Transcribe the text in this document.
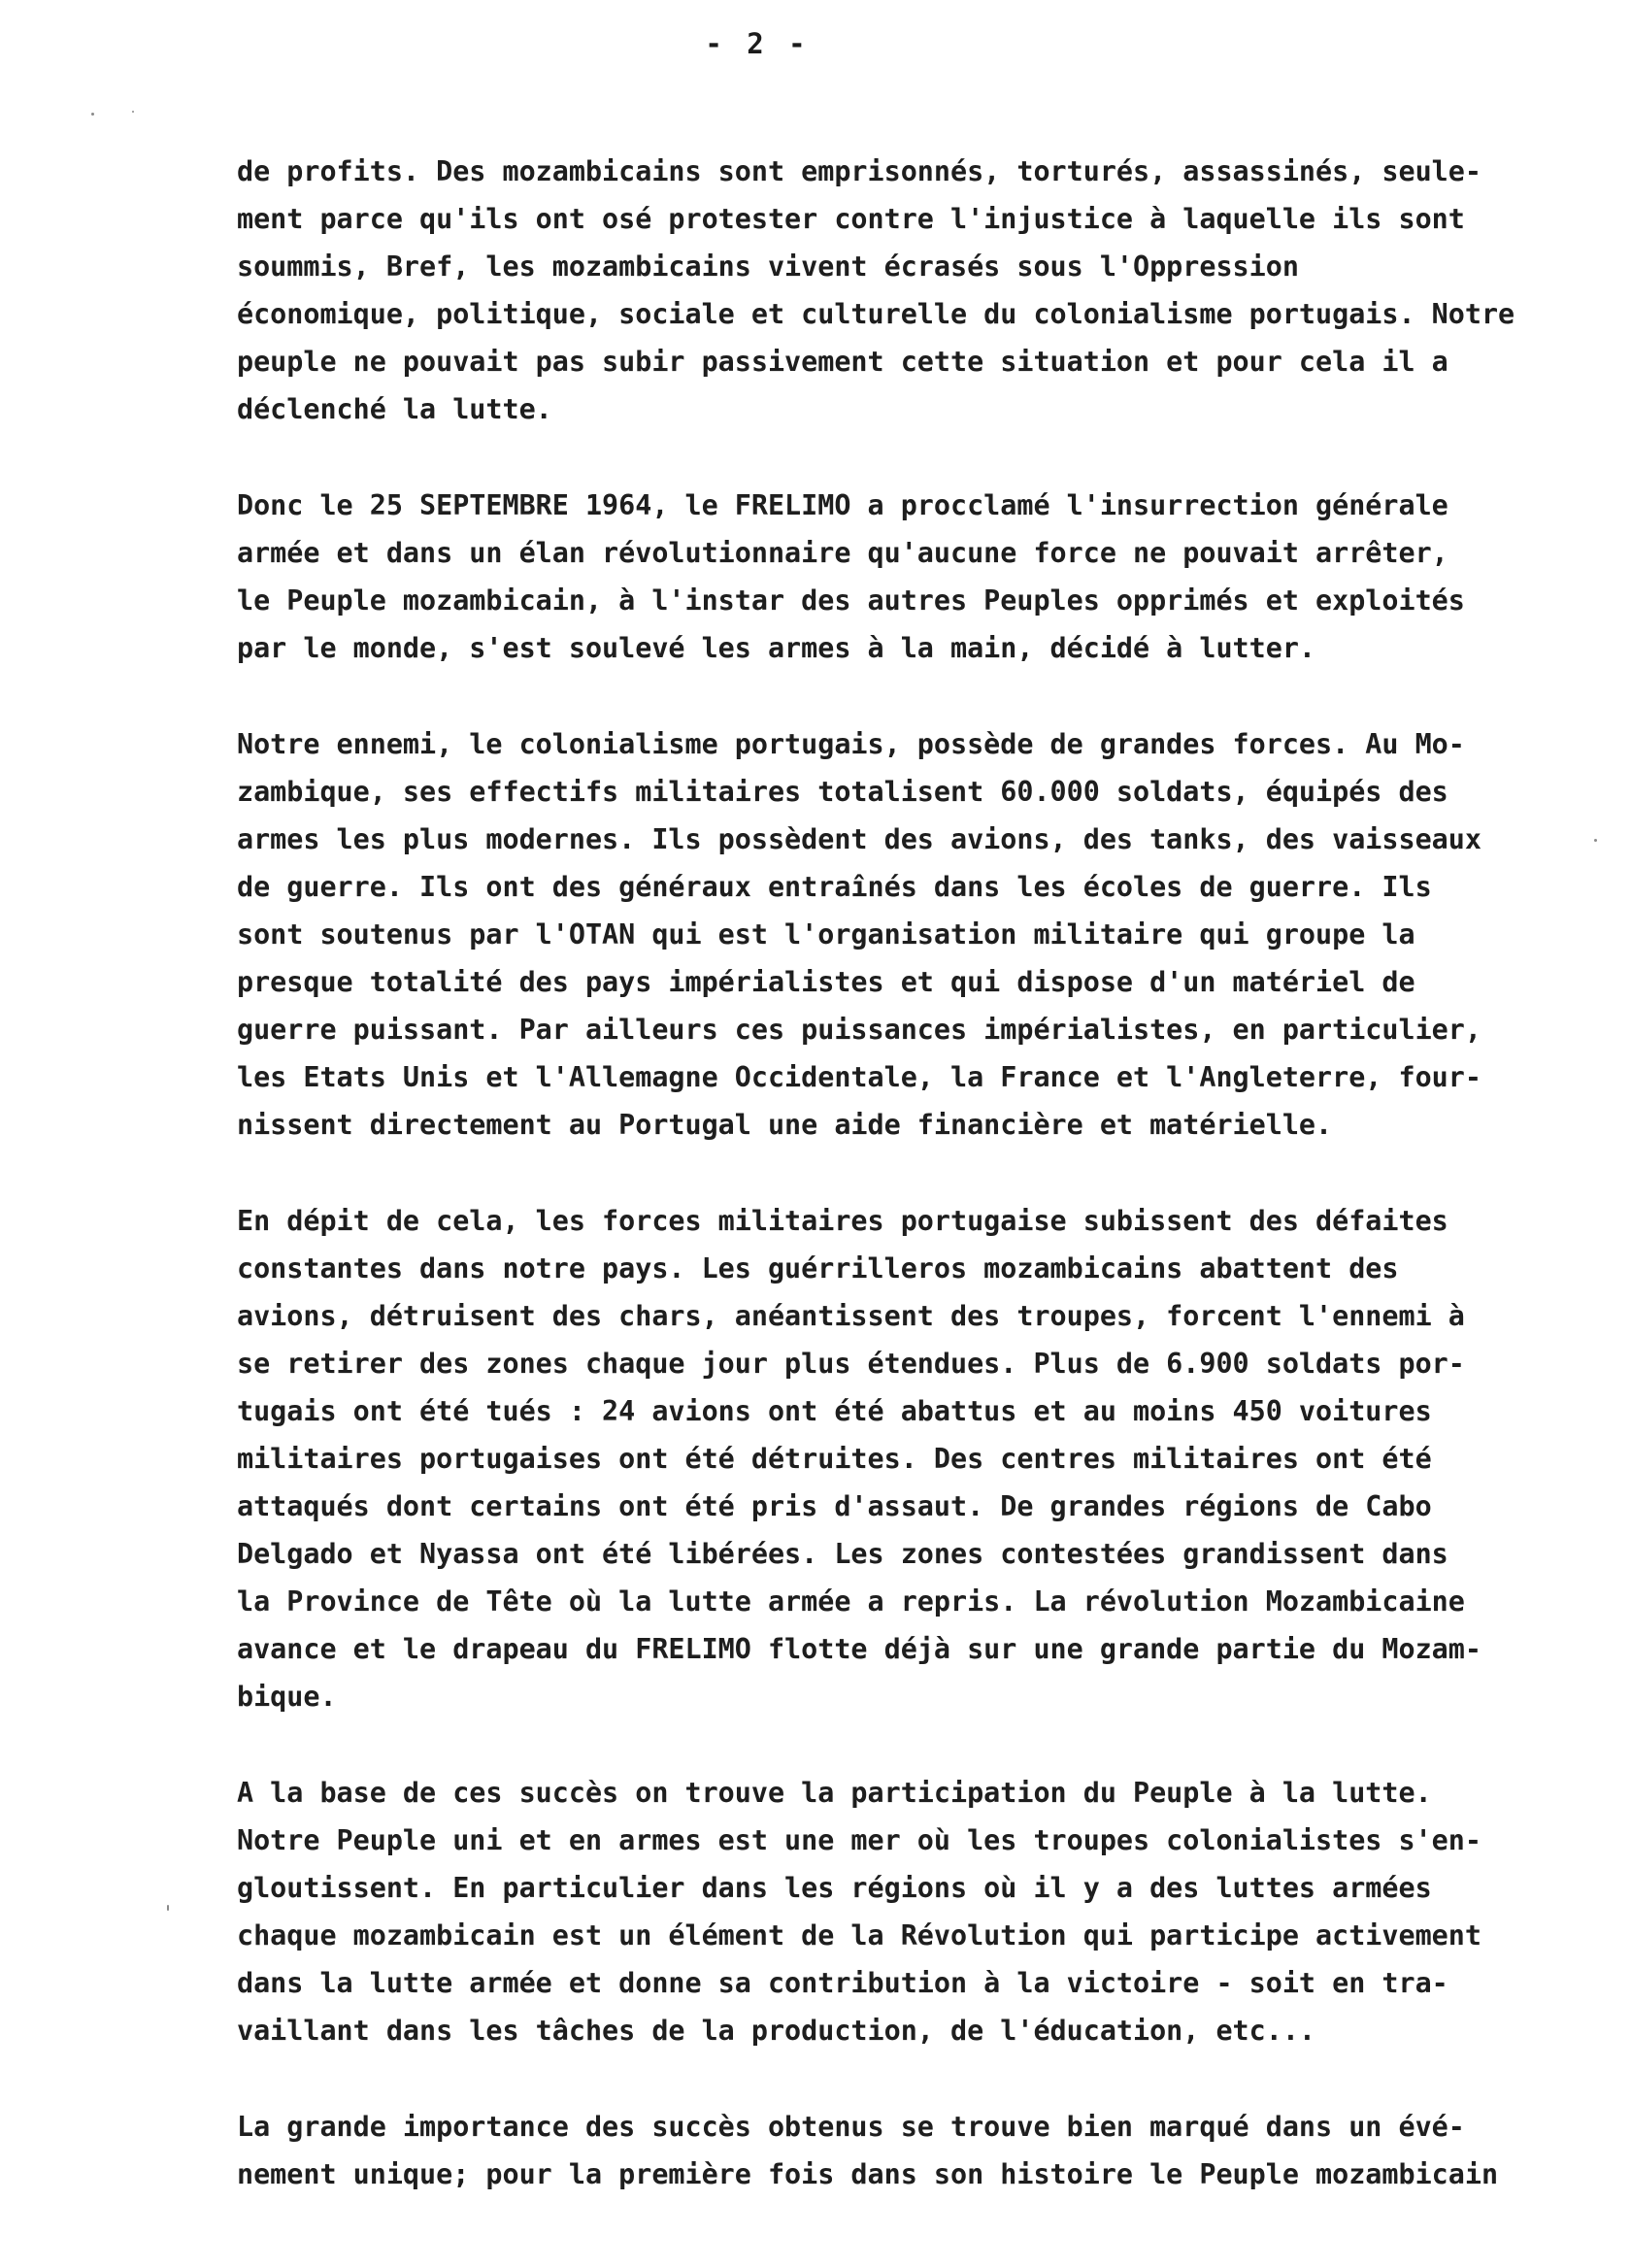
- 2 -
de profits. Des mozambicains sont emprisonnés, torturés, assassinés, seule-
ment parce qu'ils ont osé protester contre l'injustice à laquelle ils sont
soummis, Bref, les mozambicains vivent écrasés sous l'Oppression
économique, politique, sociale et culturelle du colonialisme portugais. Notre
peuple ne pouvait pas subir passivement cette situation et pour cela il a
déclenché la lutte.
Donc le 25 SEPTEMBRE 1964, le FRELIMO a procclamé l'insurrection générale
armée et dans un élan révolutionnaire qu'aucune force ne pouvait arrêter,
le Peuple mozambicain, à l'instar des autres Peuples opprimés et exploités
par le monde, s'est soulevé les armes à la main, décidé à lutter.
Notre ennemi, le colonialisme portugais, possède de grandes forces. Au Mo-
zambique, ses effectifs militaires totalisent 60.000 soldats, équipés des
armes les plus modernes. Ils possèdent des avions, des tanks, des vaisseaux
de guerre. Ils ont des généraux entraînés dans les écoles de guerre. Ils
sont soutenus par l'OTAN qui est l'organisation militaire qui groupe la
presque totalité des pays impérialistes et qui dispose d'un matériel de
guerre puissant. Par ailleurs ces puissances impérialistes, en particulier,
les Etats Unis et l'Allemagne Occidentale, la France et l'Angleterre, four-
nissent directement au Portugal une aide financière et matérielle.
En dépit de cela, les forces militaires portugaise subissent des défaites
constantes dans notre pays. Les guérrilleros mozambicains abattent des
avions, détruisent des chars, anéantissent des troupes, forcent l'ennemi à
se retirer des zones chaque jour plus étendues. Plus de 6.900 soldats por-
tugais ont été tués : 24 avions ont été abattus et au moins 450 voitures
militaires portugaises ont été détruites. Des centres militaires ont été
attaqués dont certains ont été pris d'assaut. De grandes régions de Cabo
Delgado et Nyassa ont été libérées. Les zones contestées grandissent dans
la Province de Tête où la lutte armée a repris. La révolution Mozambicaine
avance et le drapeau du FRELIMO flotte déjà sur une grande partie du Mozam-
bique.
A la base de ces succès on trouve la participation du Peuple à la lutte.
Notre Peuple uni et en armes est une mer où les troupes colonialistes s'en-
gloutissent. En particulier dans les régions où il y a des luttes armées
chaque mozambicain est un élément de la Révolution qui participe activement
dans la lutte armée et donne sa contribution à la victoire - soit en tra-
vaillant dans les tâches de la production, de l'éducation, etc...
La grande importance des succès obtenus se trouve bien marqué dans un évé-
nement unique; pour la première fois dans son histoire le Peuple mozambicain
